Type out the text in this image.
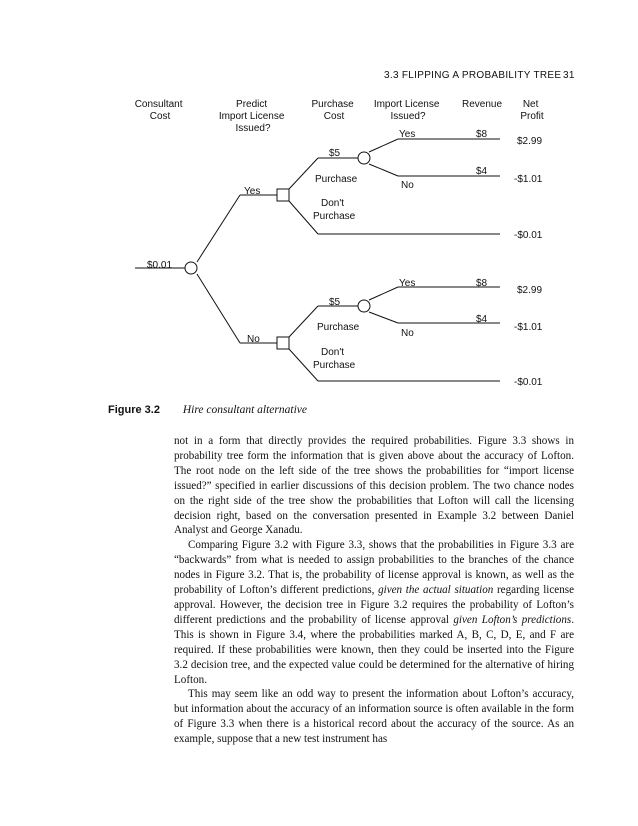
3.3 FLIPPING A PROBABILITY TREE 31
Consultant Cost
Predict Import License Issued?
Purchase Cost
Import License Issued?
Revenue Net Profit
$0.01
Yes
No
$5
Purchase
Don't
Purchase
Yes
No
$8
$4
$2.99
-$1.01
-$0.01
$5
Purchase
Don't
Purchase
Yes
No
$8
$4
$2.99
-$1.01
-$0.01
Figure 3.2 Hire consultant alternative

not in a form that directly provides the required probabilities. Figure 3.3 shows in probability tree form the information that is given above about the accuracy of Lofton. The root node on the left side of the tree shows the probabilities for “import license issued?” specified in earlier discussions of this decision problem. The two chance nodes on the right side of the tree show the probabilities that Lofton will call the licensing decision right, based on the conversation presented in Example 3.2 between Daniel Analyst and George Xanadu.

Comparing Figure 3.2 with Figure 3.3, shows that the probabilities in Figure 3.3 are “backwards” from what is needed to assign probabilities to the branches of the chance nodes in Figure 3.2. That is, the probability of license approval is known, as well as the probability of Lofton’s different predictions, given the actual situation regarding license approval. However, the decision tree in Figure 3.2 requires the probability of Lofton’s different predictions and the probability of license approval given Lofton’s predictions. This is shown in Figure 3.4, where the probabilities marked A, B, C, D, E, and F are required. If these probabilities were known, then they could be inserted into the Figure 3.2 decision tree, and the expected value could be determined for the alternative of hiring Lofton.

This may seem like an odd way to present the information about Lofton’s accuracy, but information about the accuracy of an information source is often available in the form of Figure 3.3 when there is a historical record about the accuracy of the source. As an example, suppose that a new test instrument has
